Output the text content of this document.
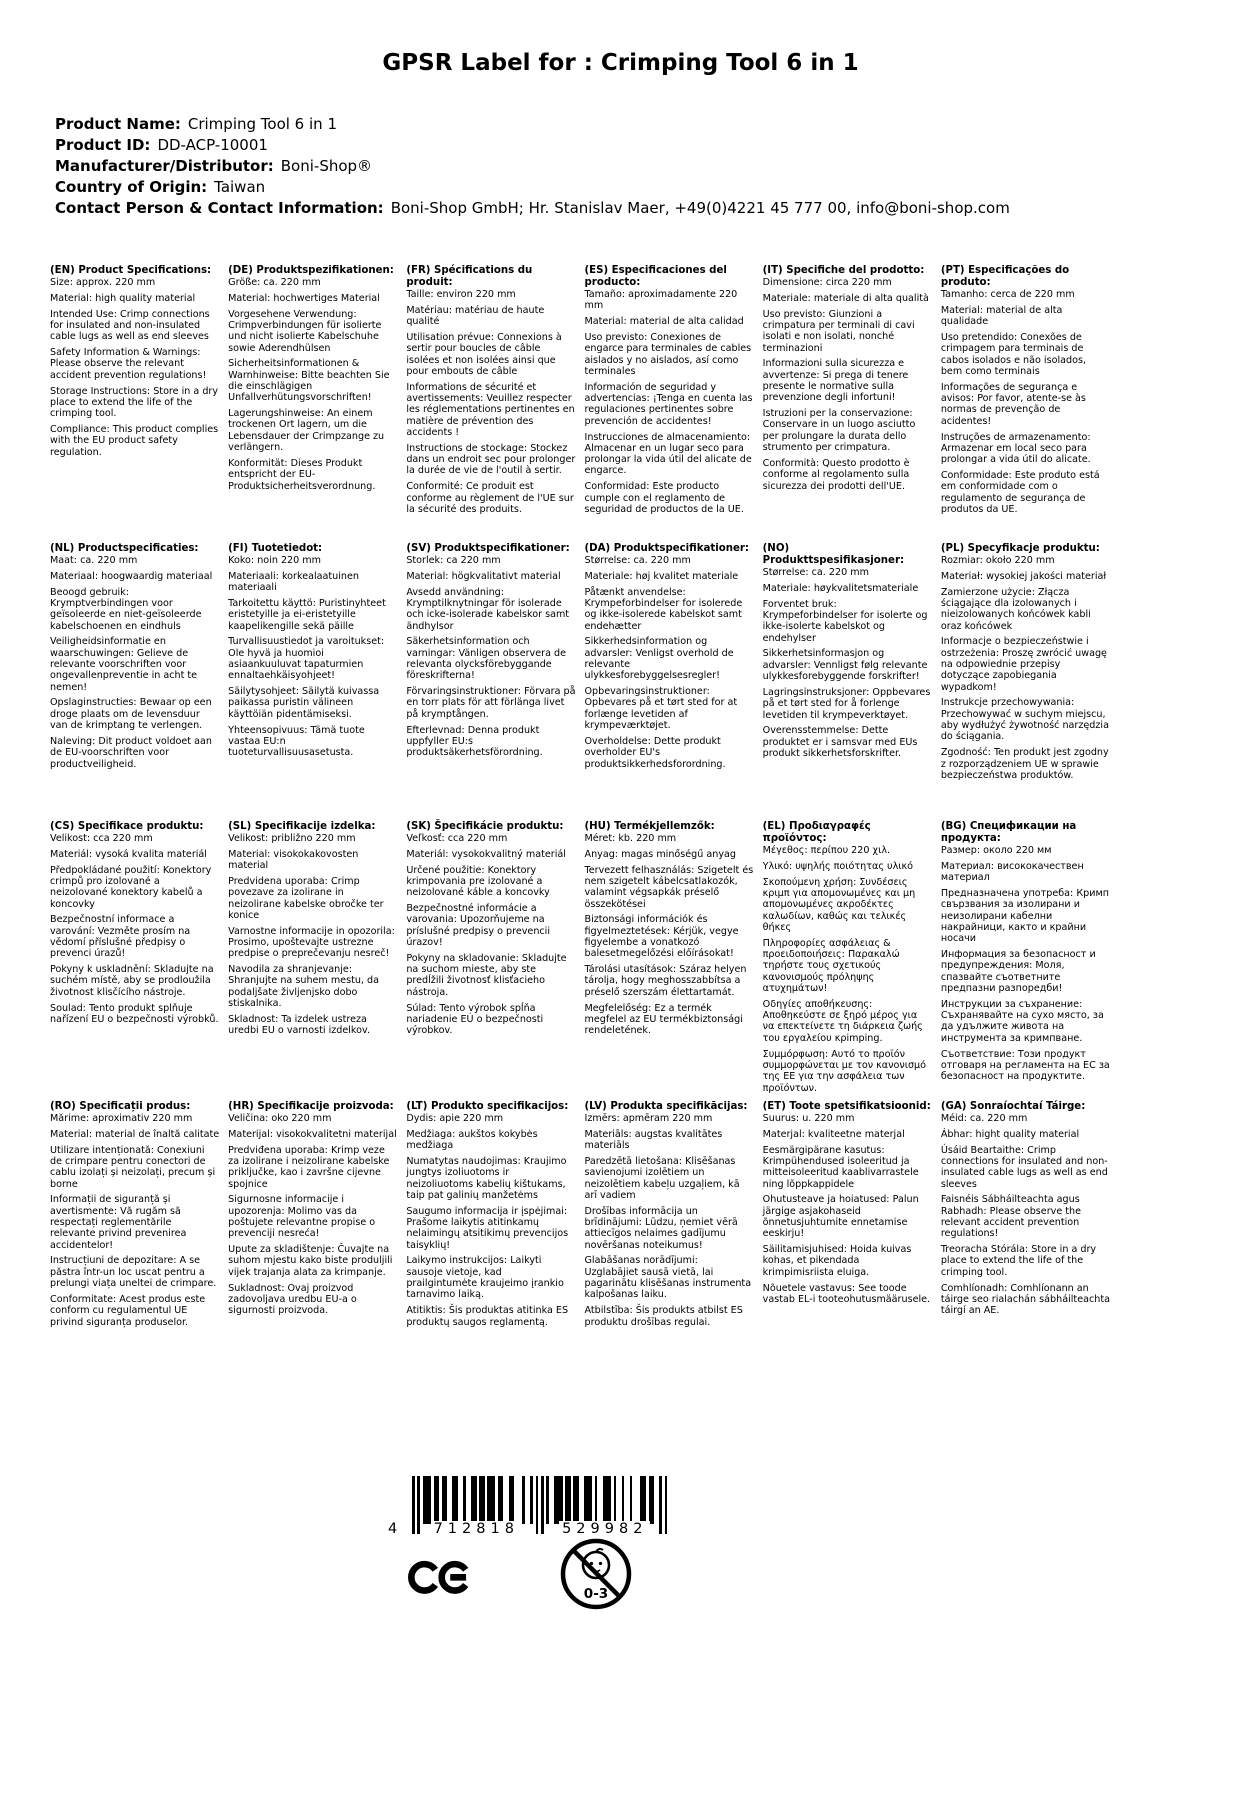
GPSR Label for : Crimping Tool 6 in 1
Product Name: Crimping Tool 6 in 1
Product ID: DD-ACP-10001
Manufacturer/Distributor: Boni-Shop®
Country of Origin: Taiwan
Contact Person & Contact Information: Boni-Shop GmbH; Hr. Stanislav Maer, +49(0)4221 45 777 00, info@boni-shop.com
(EN) Product Specifications:
Size: approx. 220 mm
Material: high quality material
Intended Use: Crimp connections for insulated and non-insulated cable lugs as well as end sleeves
Safety Information & Warnings: Please observe the relevant accident prevention regulations!
Storage Instructions: Store in a dry place to extend the life of the crimping tool.
Compliance: This product complies with the EU product safety regulation.
(DE) Produktspezifikationen:
Größe: ca. 220 mm
Material: hochwertiges Material
Vorgesehene Verwendung: Crimpverbindungen für isolierte und nicht isolierte Kabelschuhe sowie Aderendhülsen
Sicherheitsinformationen & Warnhinweise: Bitte beachten Sie die einschlägigen Unfallverhütungsvorschriften!
Lagerungshinweise: An einem trockenen Ort lagern, um die Lebensdauer der Crimpzange zu verlängern.
Konformität: Dieses Produkt entspricht der EU-Produktsicherheitsverordnung.
(FR) Spécifications du produit:
Taille: environ 220 mm
Matériau: matériau de haute qualité
Utilisation prévue: Connexions à sertir pour boucles de câble isolées et non isolées ainsi que pour embouts de câble
Informations de sécurité et avertissements: Veuillez respecter les réglementations pertinentes en matière de prévention des accidents !
Instructions de stockage: Stockez dans un endroit sec pour prolonger la durée de vie de l'outil à sertir.
Conformité: Ce produit est conforme au règlement de l'UE sur la sécurité des produits.
(ES) Especificaciones del producto:
Tamaño: aproximadamente 220 mm
Material: material de alta calidad
Uso previsto: Conexiones de engarce para terminales de cables aislados y no aislados, así como terminales
Información de seguridad y advertencias: ¡Tenga en cuenta las regulaciones pertinentes sobre prevención de accidentes!
Instrucciones de almacenamiento: Almacenar en un lugar seco para prolongar la vida útil del alicate de engarce.
Conformidad: Este producto cumple con el reglamento de seguridad de productos de la UE.
(IT) Specifiche del prodotto:
Dimensione: circa 220 mm
Materiale: materiale di alta qualità
Uso previsto: Giunzioni a crimpatura per terminali di cavi isolati e non isolati, nonché terminazioni
Informazioni sulla sicurezza e avvertenze: Si prega di tenere presente le normative sulla prevenzione degli infortuni!
Istruzioni per la conservazione: Conservare in un luogo asciutto per prolungare la durata dello strumento per crimpatura.
Conformità: Questo prodotto è conforme al regolamento sulla sicurezza dei prodotti dell'UE.
(PT) Especificações do produto:
Tamanho: cerca de 220 mm
Material: material de alta qualidade
Uso pretendido: Conexões de crimpagem para terminais de cabos isolados e não isolados, bem como terminais
Informações de segurança e avisos: Por favor, atente-se às normas de prevenção de acidentes!
Instruções de armazenamento: Armazenar em local seco para prolongar a vida útil do alicate.
Conformidade: Este produto está em conformidade com o regulamento de segurança de produtos da UE.
(NL) Productspecificaties:
Maat: ca. 220 mm
Materiaal: hoogwaardig materiaal
Beoogd gebruik: Krymptverbindingen voor geïsoleerde en niet-geïsoleerde kabelschoenen en eindhuls
Veiligheidsinformatie en waarschuwingen: Gelieve de relevante voorschriften voor ongevallenpreventie in acht te nemen!
Opslaginstructies: Bewaar op een droge plaats om de levensduur van de krimptang te verlengen.
Naleving: Dit product voldoet aan de EU-voorschriften voor productveiligheid.
(FI) Tuotetiedot:
Koko: noin 220 mm
Materiaali: korkealaatuinen materiaali
Tarkoitettu käyttö: Puristinyhteet eristetyille ja ei-eristetyille kaapelikengille sekä päille
Turvallisuustiedot ja varoitukset: Ole hyvä ja huomioi asiaankuuluvat tapaturmien ennaltaehkäisyohjeet!
Säilytysohjeet: Säilytä kuivassa paikassa puristin välineen käyttöiän pidentämiseksi.
Yhteensopivuus: Tämä tuote vastaa EU:n tuoteturvallisuusasetusta.
(SV) Produktspecifikationer:
Storlek: ca 220 mm
Material: högkvalitativt material
Avsedd användning: Krymptilknytningar för isolerade och icke-isolerade kabelskor samt ändhylsor
Säkerhetsinformation och varningar: Vänligen observera de relevanta olycksförebyggande föreskrifterna!
Förvaringsinstruktioner: Förvara på en torr plats för att förlänga livet på krymptången.
Efterlevnad: Denna produkt uppfyller EU:s produktsäkerhetsförordning.
(DA) Produktspecifikationer:
Størrelse: ca. 220 mm
Materiale: høj kvalitet materiale
Påtænkt anvendelse: Krympeforbindelser for isolerede og ikke-isolerede kabelskot samt endehætter
Sikkerhedsinformation og advarsler: Venligst overhold de relevante ulykkesforebyggelsesregler!
Opbevaringsinstruktioner: Opbevares på et tørt sted for at forlænge levetiden af krympeværktøjet.
Overholdelse: Dette produkt overholder EU's produktsikkerhedsforordning.
(NO) Produkttspesifikasjoner:
Størrelse: ca. 220 mm
Materiale: høykvalitetsmateriale
Forventet bruk: Krympeforbindelser for isolerte og ikke-isolerte kabelskot og endehylser
Sikkerhetsinformasjon og advarsler: Vennligst følg relevante ulykkesforebyggende forskrifter!
Lagringsinstruksjoner: Oppbevares på et tørt sted for å forlenge levetiden til krympeverktøyet.
Overensstemmelse: Dette produktet er i samsvar med EUs produkt sikkerhetsforskrifter.
(PL) Specyfikacje produktu:
Rozmiar: około 220 mm
Materiał: wysokiej jakości materiał
Zamierzone użycie: Złącza ściągające dla izolowanych i nieizolowanych końcówek kabli oraz końcówek
Informacje o bezpieczeństwie i ostrzeżenia: Proszę zwrócić uwagę na odpowiednie przepisy dotyczące zapobiegania wypadkom!
Instrukcje przechowywania: Przechowywać w suchym miejscu, aby wydłużyć żywotność narzędzia do ściągania.
Zgodność: Ten produkt jest zgodny z rozporządzeniem UE w sprawie bezpieczeństwa produktów.
(CS) Specifikace produktu:
Velikost: cca 220 mm
Materiál: vysoká kvalita materiál
Předpokládané použití: Konektory crimpů pro izolované a neizolované konektory kabelů a koncovky
Bezpečnostní informace a varování: Vezměte prosím na vědomí příslušné předpisy o prevenci úrazů!
Pokyny k uskladnění: Skladujte na suchém místě, aby se prodloužila životnost klisčícího nástroje.
Soulad: Tento produkt splňuje nařízení EU o bezpečnosti výrobků.
(SL) Specifikacije izdelka:
Velikost: približno 220 mm
Material: visokokakovosten material
Predvidena uporaba: Crimp povezave za izolirane in neizolirane kabelske obročke ter konice
Varnostne informacije in opozorila: Prosimo, upoštevajte ustrezne predpise o preprečevanju nesreč!
Navodila za shranjevanje: Shranjujte na suhem mestu, da podaljšate življenjsko dobo stiskalnika.
Skladnost: Ta izdelek ustreza uredbi EU o varnosti izdelkov.
(SK) Špecifikácie produktu:
Veľkosť: cca 220 mm
Materiál: vysokokvalitný materiál
Určené použitie: Konektory krimpovania pre izolované a neizolované káble a koncovky
Bezpečnostné informácie a varovania: Upozorňujeme na príslušné predpisy o prevencii úrazov!
Pokyny na skladovanie: Skladujte na suchom mieste, aby ste predĺžili životnosť klisťacieho nástroja.
Súlad: Tento výrobok spĺňa nariadenie EÚ o bezpečnosti výrobkov.
(HU) Termékjellemzők:
Méret: kb. 220 mm
Anyag: magas minőségű anyag
Tervezett felhasználás: Szigetelt és nem szigetelt kábelcsatlakozók, valamint végsapkák préselő összekötései
Biztonsági információk és figyelmeztetések: Kérjük, vegye figyelembe a vonatkozó balesetmegelőzési előírásokat!
Tárolási utasítások: Száraz helyen tárolja, hogy meghosszabbítsa a préselő szerszám élettartamát.
Megfelelőség: Ez a termék megfelel az EU termékbiztonsági rendeletének.
(EL) Προδιαγραφές προϊόντος:
Μέγεθος: περίπου 220 χιλ.
Υλικό: υψηλής ποιότητας υλικό
Σκοπούμενη χρήση: Συνδέσεις κριμπ για απομονωμένες και μη απομονωμένες ακροδέκτες καλωδίων, καθώς και τελικές θήκες
Πληροφορίες ασφάλειας & προειδοποιήσεις: Παρακαλώ τηρήστε τους σχετικούς κανονισμούς πρόληψης ατυχημάτων!
Οδηγίες αποθήκευσης: Αποθηκεύστε σε ξηρό μέρος για να επεκτείνετε τη διάρκεια ζωής του εργαλείου κρimping.
Συμμόρφωση: Αυτό το προϊόν συμμορφώνεται με τον κανονισμό της ΕΕ για την ασφάλεια των προϊόντων.
(BG) Спецификации на продукта:
Размер: около 220 мм
Материал: висококачествен материал
Предназначена употреба: Кримп свързвания за изолирани и неизолирани кабелни накрайници, както и крайни носачи
Информация за безопасност и предупреждения: Моля, спазвайте съответните предпазни разпоредби!
Инструкции за съхранение: Съхранявайте на сухо място, за да удължите живота на инструмента за кримпване.
Съответствие: Този продукт отговаря на регламента на ЕС за безопасност на продуктите.
(RO) Specificații produs:
Mărime: aproximativ 220 mm
Material: material de înaltă calitate
Utilizare intenționată: Conexiuni de crimpare pentru conectori de cablu izolați și neizolați, precum și borne
Informații de siguranță și avertismente: Vă rugăm să respectați reglementările relevante privind prevenirea accidentelor!
Instrucțiuni de depozitare: A se păstra într-un loc uscat pentru a prelungi viața uneltei de crimpare.
Conformitate: Acest produs este conform cu regulamentul UE privind siguranța produselor.
(HR) Specifikacije proizvoda:
Veličina: oko 220 mm
Materijal: visokokvalitetni materijal
Predviđena uporaba: Krimp veze za izolirane i neizolirane kabelske priključke, kao i završne cijevne spojnice
Sigurnosne informacije i upozorenja: Molimo vas da poštujete relevantne propise o prevenciji nesreća!
Upute za skladištenje: Čuvajte na suhom mjestu kako biste produljili vijek trajanja alata za krimpanje.
Sukladnost: Ovaj proizvod zadovoljava uredbu EU-a o sigurnosti proizvoda.
(LT) Produkto specifikacijos:
Dydis: apie 220 mm
Medžiaga: aukštos kokybės medžiaga
Numatytas naudojimas: Kraujimo jungtys izoliuotoms ir neizoliuotoms kabelių kištukams, taip pat galinių manžetėms
Saugumo informacija ir įspėjimai: Prašome laikytis atitinkamų nelaimingų atsitikimų prevencijos taisyklių!
Laikymo instrukcijos: Laikyti sausoje vietoje, kad prailgintumėte kraujeimo įrankio tarnavimo laiką.
Atitiktis: Šis produktas atitinka ES produktų saugos reglamentą.
(LV) Produkta specifikācijas:
Izmērs: apmēram 220 mm
Materiāls: augstas kvalitātes materiāls
Paredzētā lietošana: Klisēšanas savienojumi izolētiem un neizolētiem kabeļu uzgaļiem, kā arī vadiem
Drošības informācija un brīdinājumi: Lūdzu, ņemiet vērā attiecīgos nelaimes gadījumu novēršanas noteikumus!
Glabāšanas norādījumi: Uzglabājiet sausā vietā, lai pagarinātu klisēšanas instrumenta kalpošanas laiku.
Atbilstība: Šis produkts atbilst ES produktu drošības regulai.
(ET) Toote spetsifikatsioonid:
Suurus: u. 220 mm
Materjal: kvaliteetne materjal
Eesmärgipärane kasutus: Krimpühendused isoleeritud ja mitteisoleeritud kaablivarrastele ning lõppkappidele
Ohutusteave ja hoiatused: Palun järgige asjakohaseid õnnetusjuhtumite ennetamise eeskirju!
Säilitamisjuhised: Hoida kuivas kohas, et pikendada krimpimisriista eluiga.
Nõuetele vastavus: See toode vastab EL-i tooteohutusmäärusele.
(GA) Sonraíochtaí Táirge:
Méid: ca. 220 mm
Ábhar: hight quality material
Úsáid Beartaithe: Crimp connections for insulated and non-insulated cable lugs as well as end sleeves
Faisnéis Sábháilteachta agus Rabhadh: Please observe the relevant accident prevention regulations!
Treoracha Stórála: Store in a dry place to extend the life of the crimping tool.
Comhlíonadh: Comhlíonann an táirge seo rialachán sábháilteachta táirgí an AE.
4	712818	529982
0-3
